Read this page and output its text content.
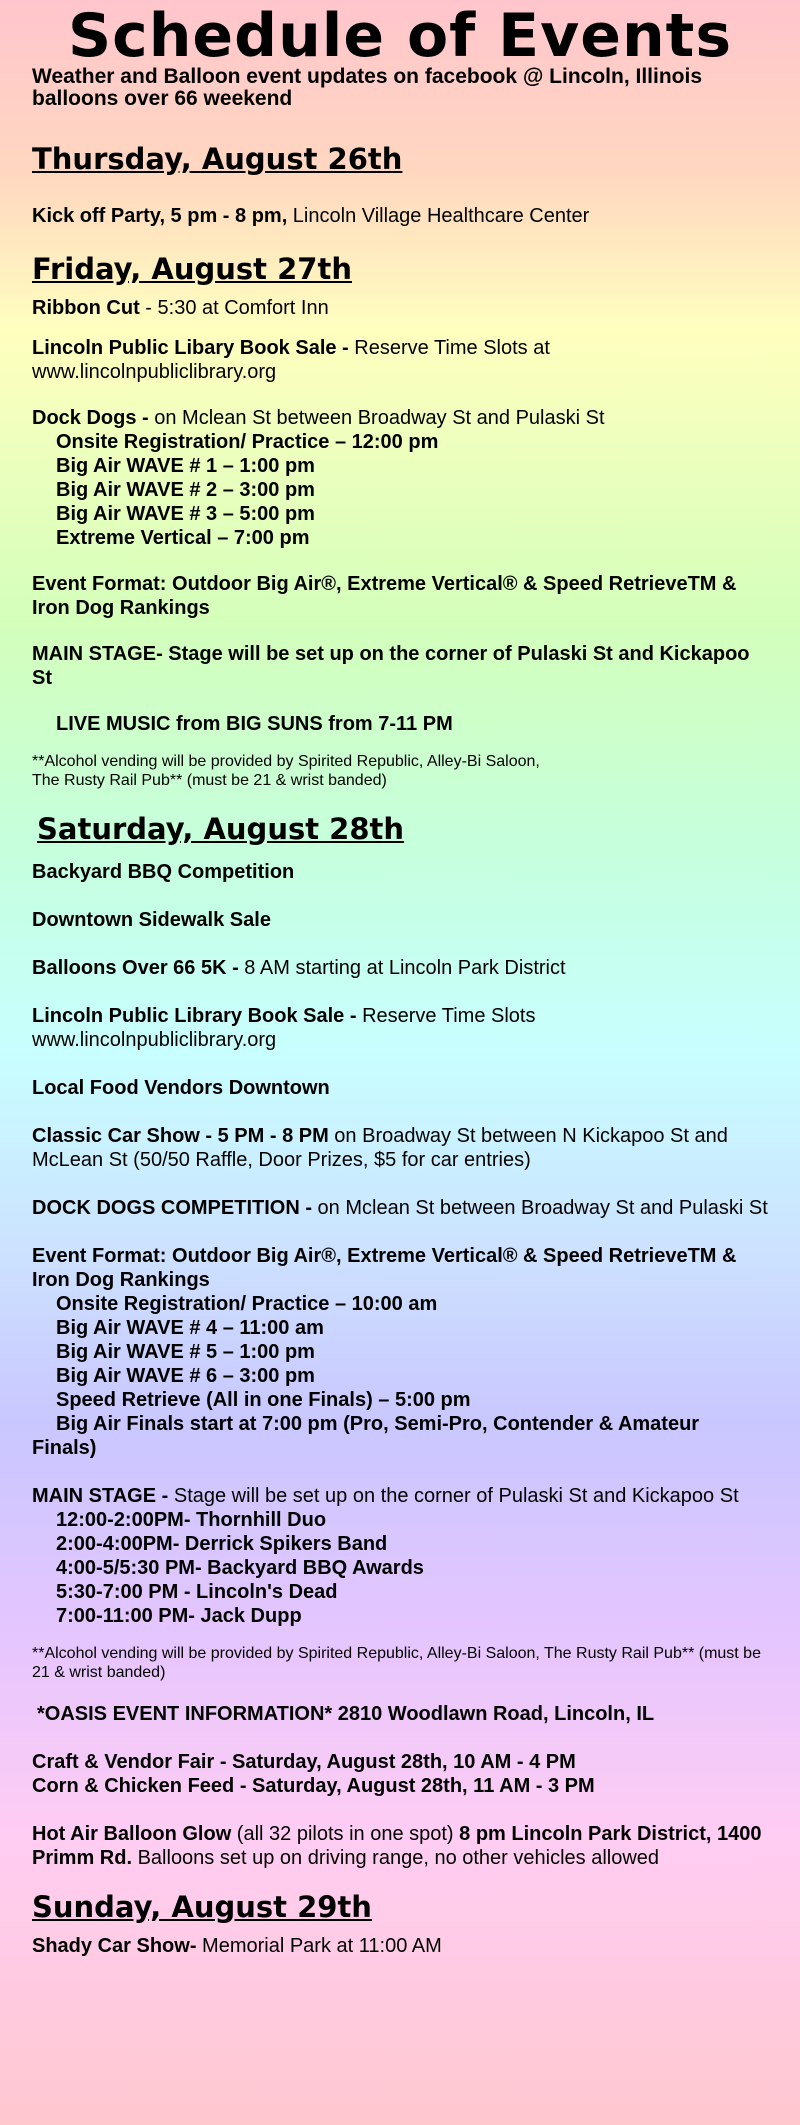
Schedule of Events
Weather and Balloon event updates on facebook @ Lincoln, Illinois balloons over 66 weekend
Thursday, August 26th
Kick off Party, 5 pm - 8 pm, Lincoln Village Healthcare Center
Friday, August 27th
Ribbon Cut - 5:30 at Comfort Inn
Lincoln Public Libary Book Sale - Reserve Time Slots at www.lincolnpubliclibrary.org
Dock Dogs - on Mclean St between Broadway St and Pulaski St
Onsite Registration/ Practice – 12:00 pm
Big Air WAVE # 1 – 1:00 pm
Big Air WAVE # 2 – 3:00 pm
Big Air WAVE # 3 – 5:00 pm
Extreme Vertical – 7:00 pm
Event Format: Outdoor Big Air®, Extreme Vertical® & Speed RetrieveTM & Iron Dog Rankings
MAIN STAGE- Stage will be set up on the corner of Pulaski St and Kickapoo St
LIVE MUSIC from BIG SUNS from 7-11 PM
**Alcohol vending will be provided by Spirited Republic, Alley-Bi Saloon,
The Rusty Rail Pub** (must be 21 & wrist banded)
Saturday, August 28th
Backyard BBQ Competition
Downtown Sidewalk Sale
Balloons Over 66 5K - 8 AM starting at Lincoln Park District
Lincoln Public Library Book Sale - Reserve Time Slots www.lincolnpubliclibrary.org
Local Food Vendors Downtown
Classic Car Show - 5 PM - 8 PM on Broadway St between N Kickapoo St and McLean St (50/50 Raffle, Door Prizes, $5 for car entries)
DOCK DOGS COMPETITION - on Mclean St between Broadway St and Pulaski St
Event Format: Outdoor Big Air®, Extreme Vertical® & Speed RetrieveTM & Iron Dog Rankings
Onsite Registration/ Practice – 10:00 am
Big Air WAVE # 4 – 11:00 am
Big Air WAVE # 5 – 1:00 pm
Big Air WAVE # 6 – 3:00 pm
Speed Retrieve (All in one Finals) – 5:00 pm
Big Air Finals start at 7:00 pm (Pro, Semi-Pro, Contender & Amateur
Finals)
MAIN STAGE - Stage will be set up on the corner of Pulaski St and Kickapoo St
12:00-2:00PM- Thornhill Duo
2:00-4:00PM- Derrick Spikers Band
4:00-5/5:30 PM- Backyard BBQ Awards
5:30-7:00 PM - Lincoln's Dead
7:00-11:00 PM- Jack Dupp
**Alcohol vending will be provided by Spirited Republic, Alley-Bi Saloon, The Rusty Rail Pub** (must be 21 & wrist banded)
*OASIS EVENT INFORMATION* 2810 Woodlawn Road, Lincoln, IL
Craft & Vendor Fair - Saturday, August 28th, 10 AM - 4 PM
Corn & Chicken Feed - Saturday, August 28th, 11 AM - 3 PM
Hot Air Balloon Glow (all 32 pilots in one spot) 8 pm Lincoln Park District, 1400 Primm Rd. Balloons set up on driving range, no other vehicles allowed
Sunday, August 29th
Shady Car Show- Memorial Park at 11:00 AM
